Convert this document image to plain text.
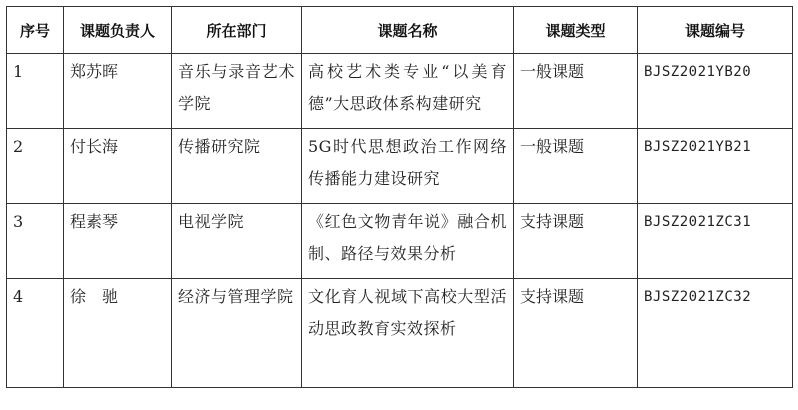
序号	课题负责人	所在部门	课题名称	课题类型	课题编号
1	郑苏晖	音乐与录音艺术学院	高校艺术类专业“以美育德”大思政体系构建研究	一般课题	BJSZ2021YB20
2	付长海	传播研究院	5G时代思想政治工作网络传播能力建设研究	一般课题	BJSZ2021YB21
3	程素琴	电视学院	《红色文物青年说》融合机制、路径与效果分析	支持课题	BJSZ2021ZC31
4	徐　驰	经济与管理学院	文化育人视域下高校大型活动思政教育实效探析	支持课题	BJSZ2021ZC32
